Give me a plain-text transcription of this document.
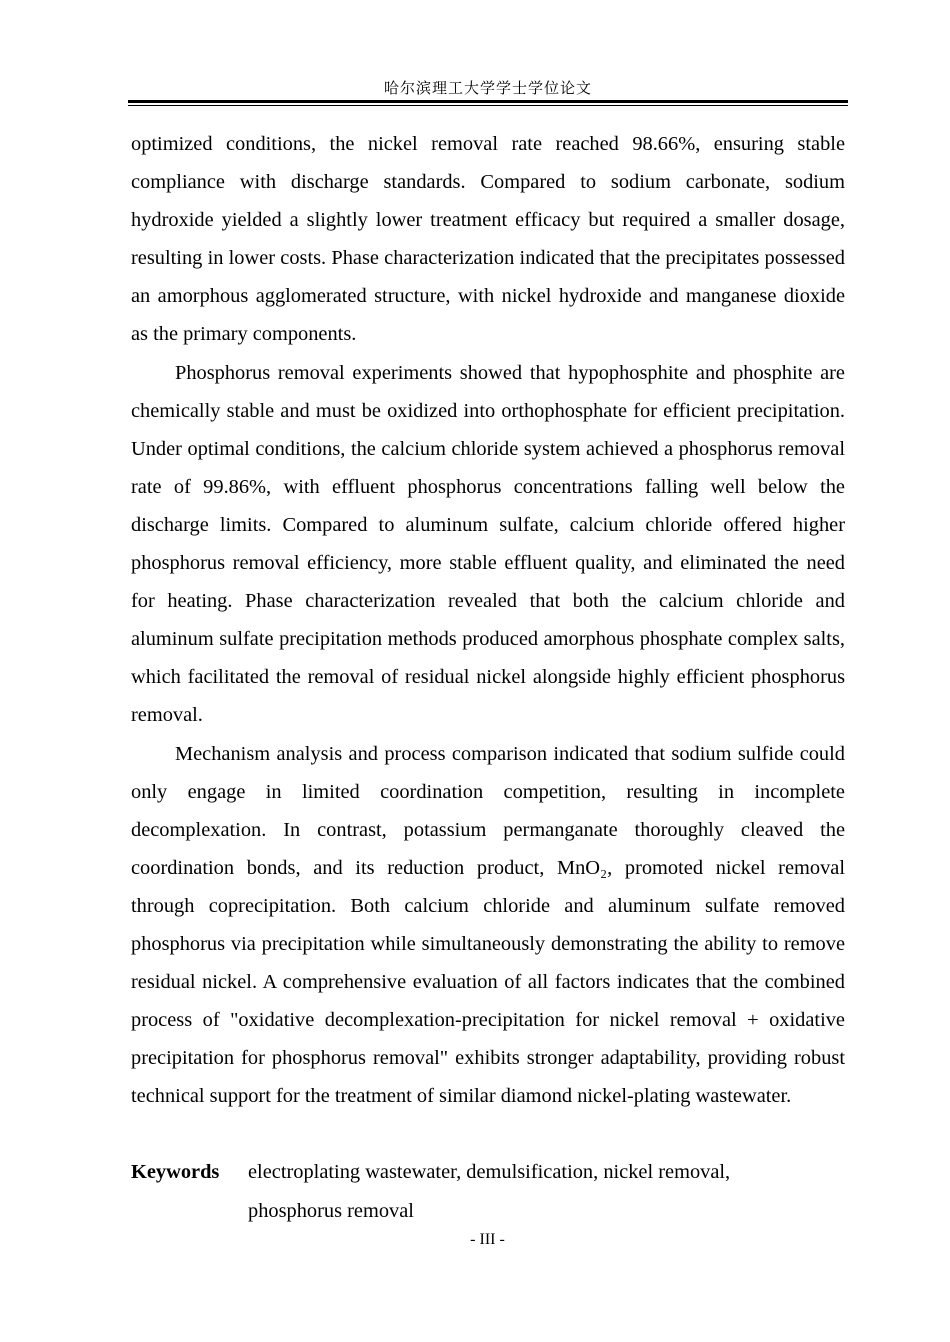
哈尔滨理工大学学士学位论文

optimized conditions, the nickel removal rate reached 98.66%, ensuring stable compliance with discharge standards. Compared to sodium carbonate, sodium hydroxide yielded a slightly lower treatment efficacy but required a smaller dosage, resulting in lower costs. Phase characterization indicated that the precipitates possessed an amorphous agglomerated structure, with nickel hydroxide and manganese dioxide as the primary components.

Phosphorus removal experiments showed that hypophosphite and phosphite are chemically stable and must be oxidized into orthophosphate for efficient precipitation. Under optimal conditions, the calcium chloride system achieved a phosphorus removal rate of 99.86%, with effluent phosphorus concentrations falling well below the discharge limits. Compared to aluminum sulfate, calcium chloride offered higher phosphorus removal efficiency, more stable effluent quality, and eliminated the need for heating. Phase characterization revealed that both the calcium chloride and aluminum sulfate precipitation methods produced amorphous phosphate complex salts, which facilitated the removal of residual nickel alongside highly efficient phosphorus removal.

Mechanism analysis and process comparison indicated that sodium sulfide could only engage in limited coordination competition, resulting in incomplete decomplexation. In contrast, potassium permanganate thoroughly cleaved the coordination bonds, and its reduction product, MnO₂, promoted nickel removal through coprecipitation. Both calcium chloride and aluminum sulfate removed phosphorus via precipitation while simultaneously demonstrating the ability to remove residual nickel. A comprehensive evaluation of all factors indicates that the combined process of "oxidative decomplexation-precipitation for nickel removal + oxidative precipitation for phosphorus removal" exhibits stronger adaptability, providing robust technical support for the treatment of similar diamond nickel-plating wastewater.

Keywords	electroplating wastewater, demulsification, nickel removal, phosphorus removal
- III -
